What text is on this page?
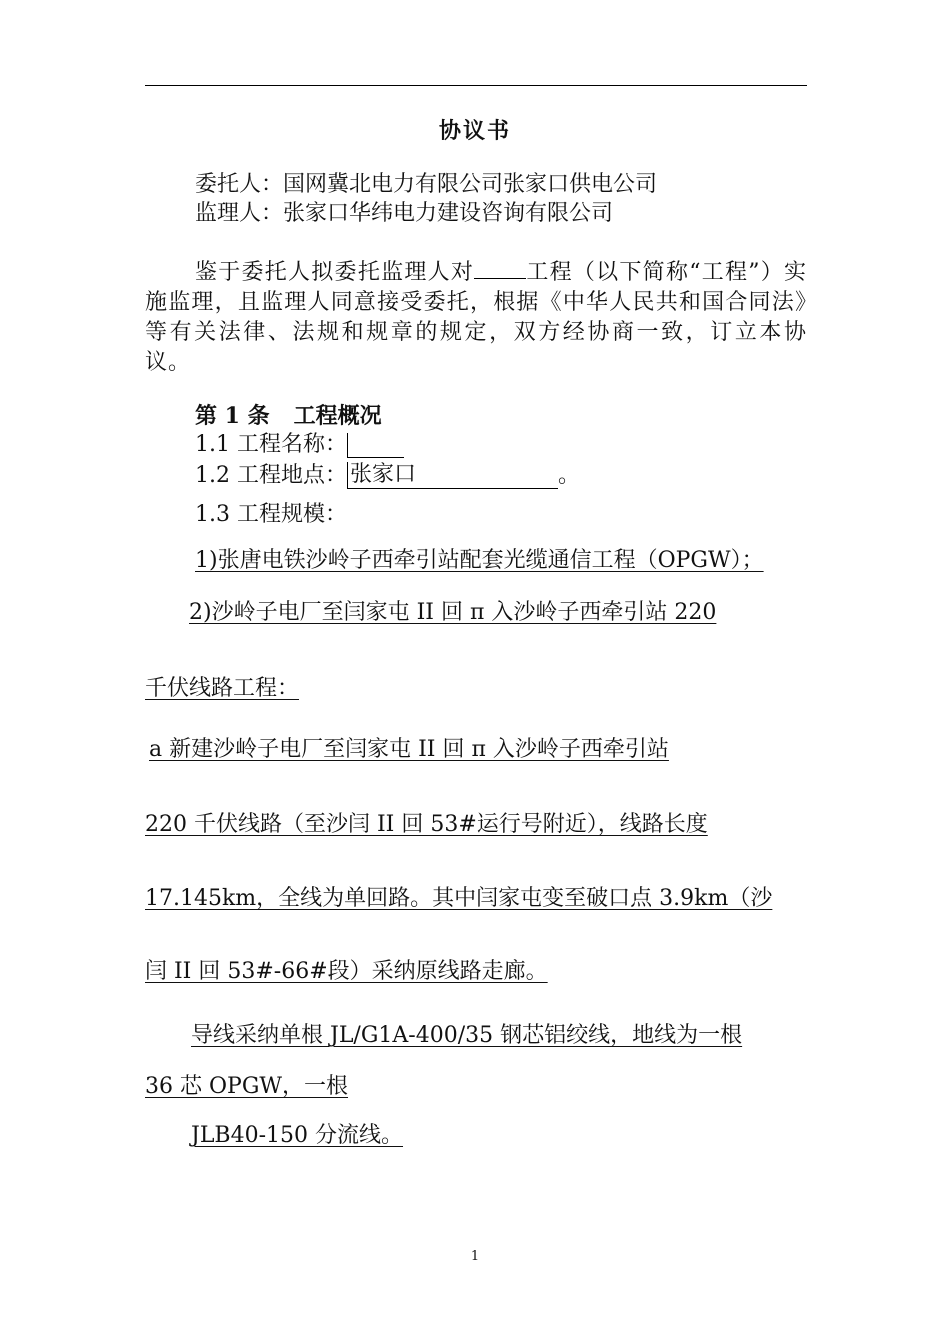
协议书
委托人：国网冀北电力有限公司张家口供电公司
监理人：张家口华纬电力建设咨询有限公司
鉴于委托人拟委托监理人对 工程（以下简称“工程”）实施监理，且监理人同意接受委托，根据《中华人民共和国合同法》等有关法律、法规和规章的规定，双方经协商一致，订立本协议。
第 1 条 工程概况
1.1 工程名称：
1.2 工程地点： 张家口	。
1.3 工程规模：
1)张唐电铁沙岭子西牵引站配套光缆通信工程（OPGW）；
2)沙岭子电厂至闫家屯 II 回 π 入沙岭子西牵引站 220
千伏线路工程：
a 新建沙岭子电厂至闫家屯 II 回 π 入沙岭子西牵引站
220 千伏线路（至沙闫 II 回 53#运行号附近），线路长度
17.145km，全线为单回路。其中闫家屯变至破口点 3.9km（沙
闫 II 回 53#-66#段）采纳原线路走廊。
导线采纳单根 JL/G1A-400/35 钢芯铝绞线，地线为一根
36 芯 OPGW，一根
JLB40-150 分流线。
1
